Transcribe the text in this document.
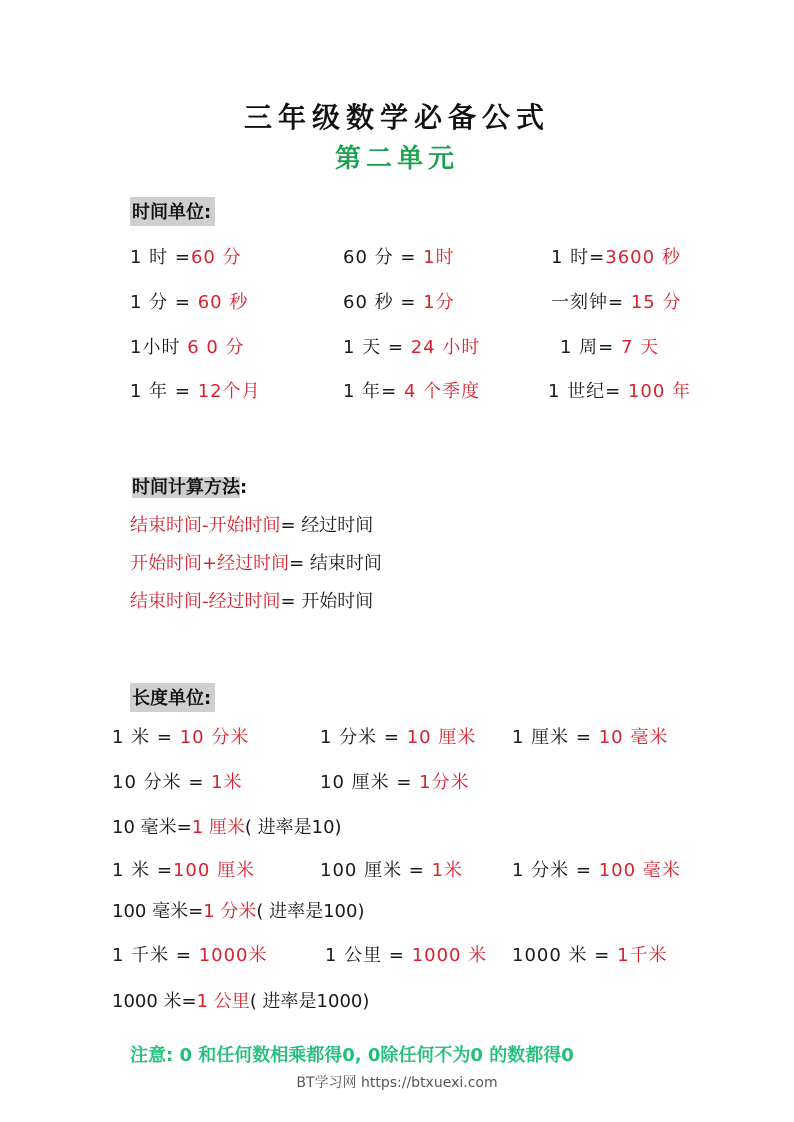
三年级数学必备公式
第二单元
时间单位:
1 时 =60 分	60 分 = 1时	1 时=3600 秒
1 分 = 60 秒	60 秒 = 1分	一刻钟= 15 分
1小时 6 0 分	1 天 = 24 小时	1 周= 7 天
1 年 = 12个月	1 年= 4 个季度	1 世纪= 100 年
时间计算方法:
结束时间-开始时间= 经过时间
开始时间+经过时间= 结束时间
结束时间-经过时间= 开始时间
长度单位:
1 米 = 10 分米	1 分米 = 10 厘米 1 厘米 = 10 毫米
10 分米 = 1米	10 厘米 = 1分米
10 毫米=1 厘米( 进率是10)
1 米 =100 厘米	100 厘米 = 1米	1 分米 = 100 毫米
100 毫米=1 分米( 进率是100)
1 千米 = 1000米	1 公里 = 1000 米 1000 米 = 1千米
1000 米=1 公里( 进率是1000)
注意: 0 和任何数相乘都得0, 0除任何不为0 的数都得0
BT学习网 https://btxuexi.com
